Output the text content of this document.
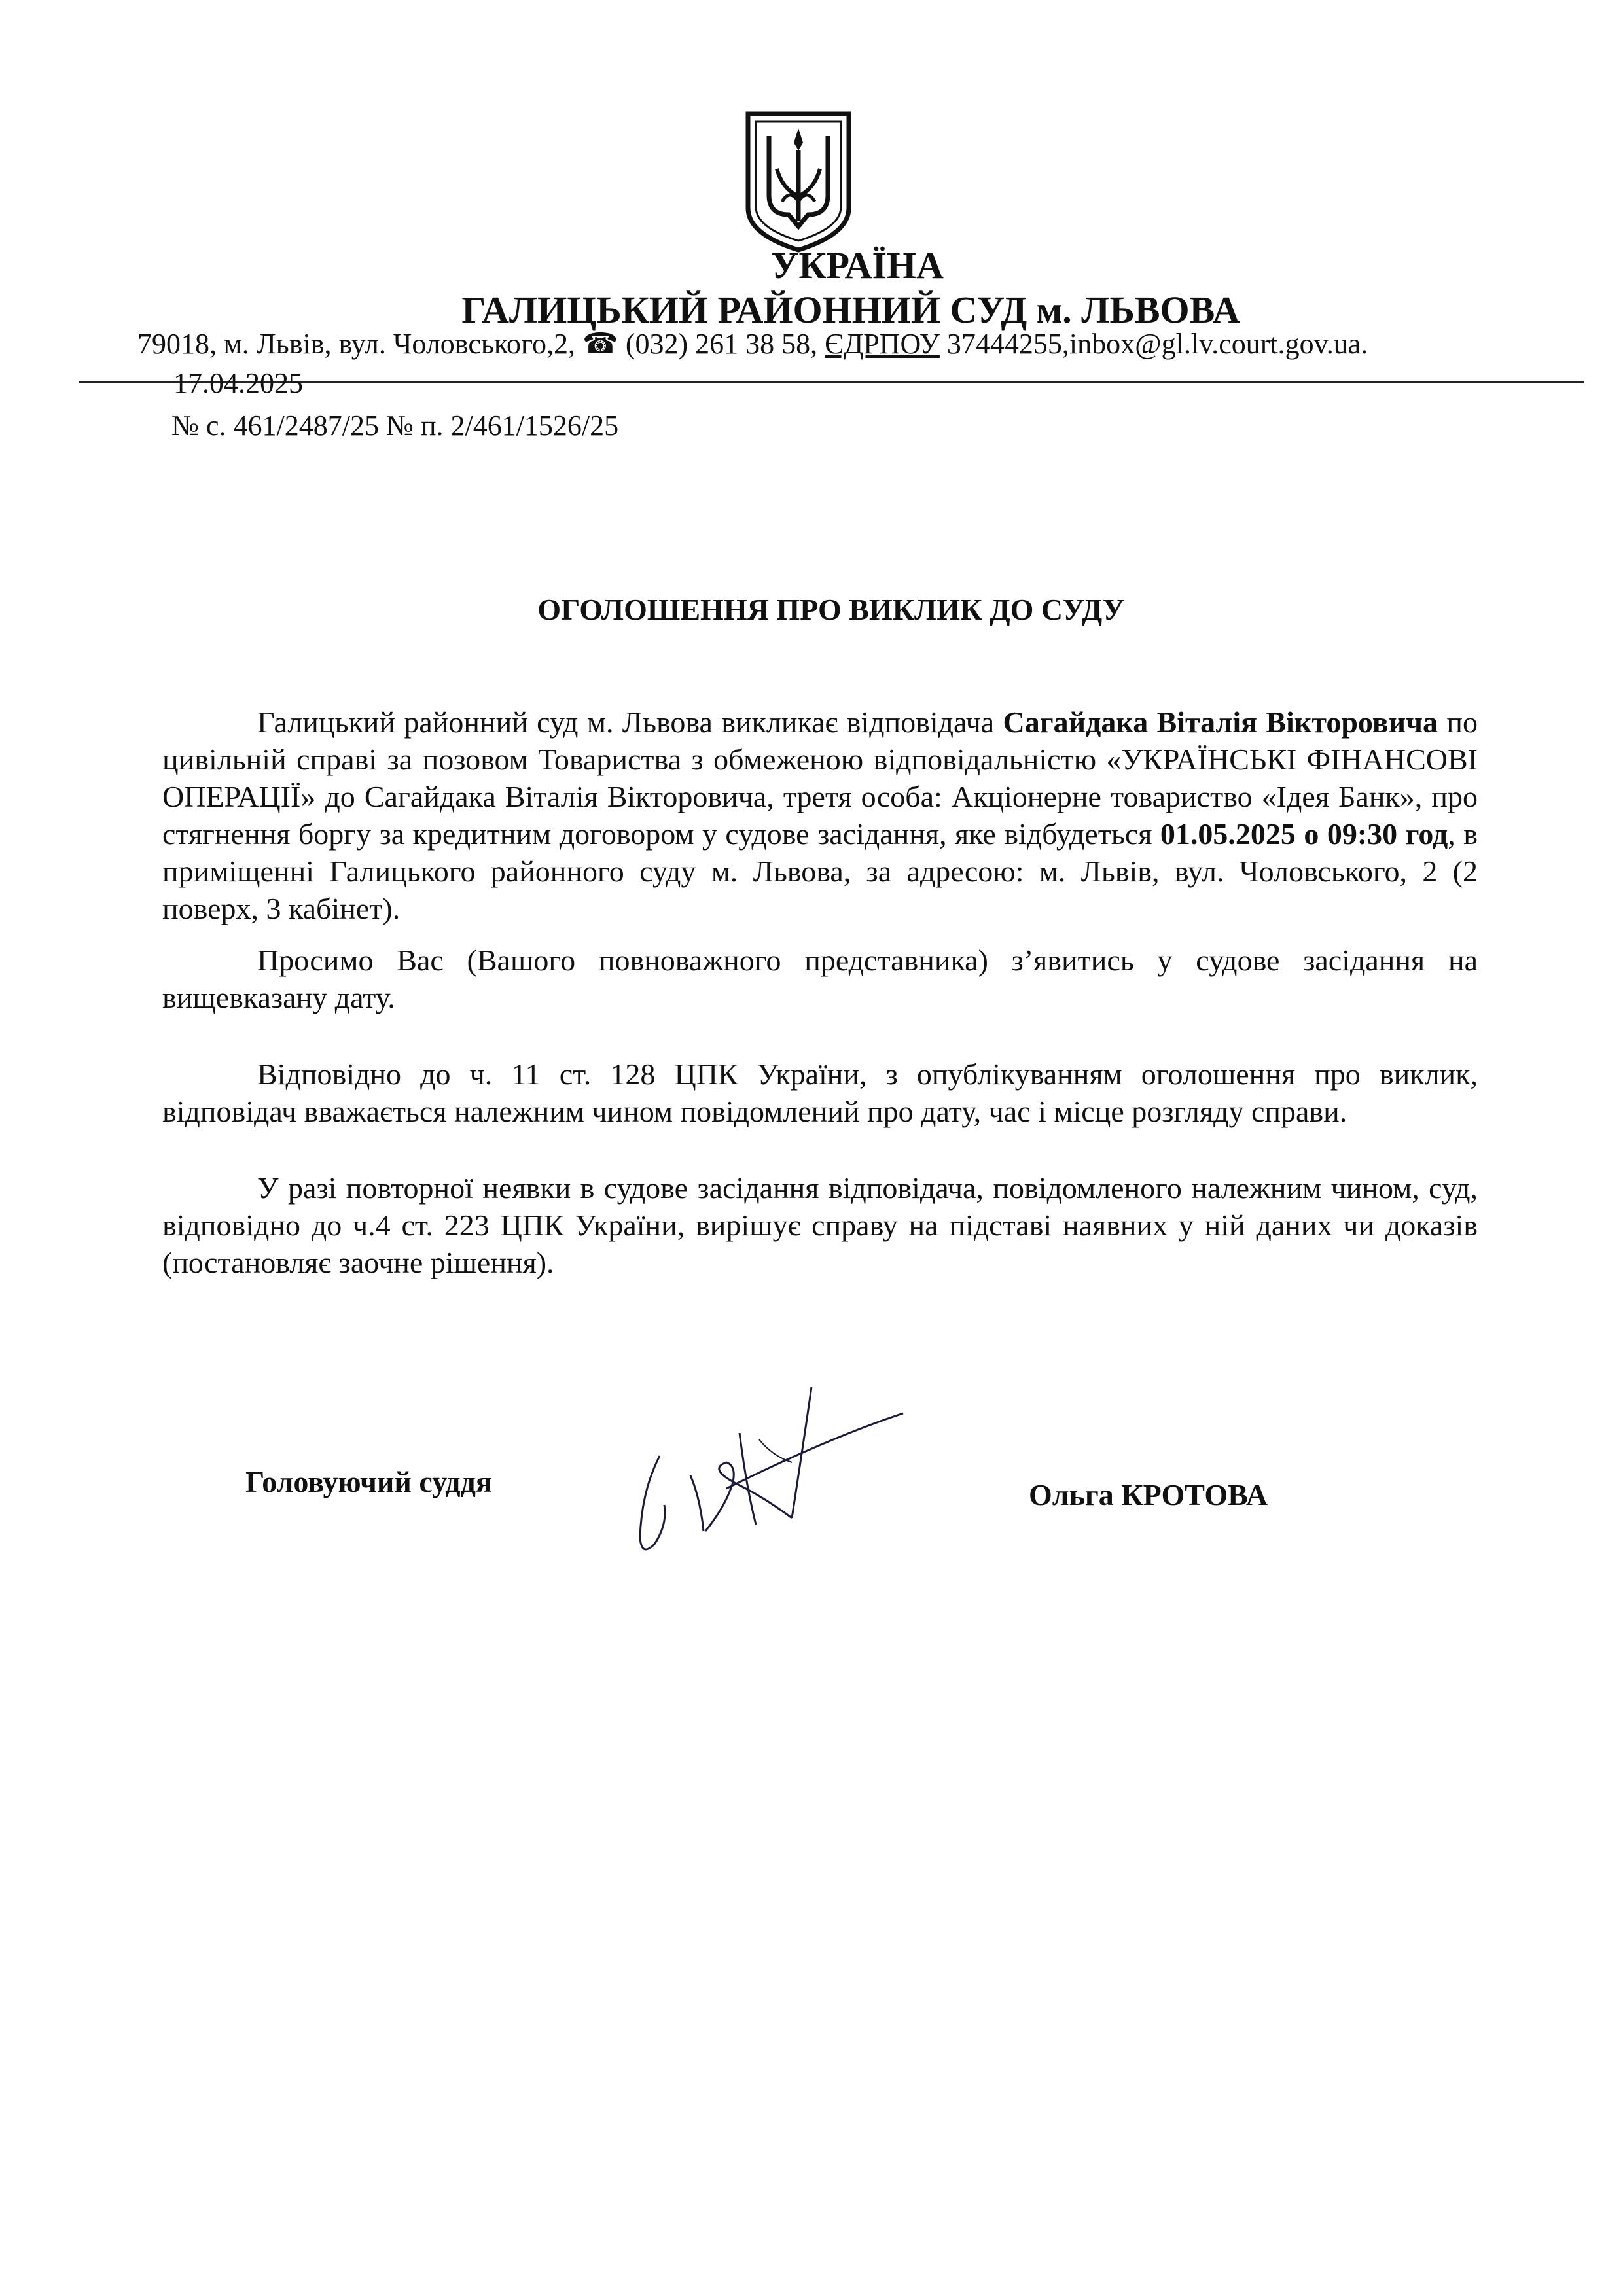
УКРАЇНА
ГАЛИЦЬКИЙ РАЙОННИЙ СУД м. ЛЬВОВА
79018, м. Львів, вул. Чоловського,2, ☎ (032) 261 38 58, ЄДРПОУ 37444255,inbox@gl.lv.court.gov.ua.
17.04.2025
№ с. 461/2487/25 № п. 2/461/1526/25
ОГОЛОШЕННЯ ПРО ВИКЛИК ДО СУДУ

Галицький районний суд м. Львова викликає відповідача Сагайдака Віталія Вікторовича по цивільній справі за позовом Товариства з обмеженою відповідальністю «УКРАЇНСЬКІ ФІНАНСОВІ ОПЕРАЦІЇ» до Сагайдака Віталія Вікторовича, третя особа: Акціонерне товариство «Ідея Банк», про стягнення боргу за кредитним договором у судове засідання, яке відбудеться 01.05.2025 о 09:30 год, в приміщенні Галицького районного суду м. Львова, за адресою: м. Львів, вул. Чоловського, 2 (2 поверх, 3 кабінет).

Просимо Вас (Вашого повноважного представника) з’явитись у судове засідання на вищевказану дату.

Відповідно до ч. 11 ст. 128 ЦПК України, з опублікуванням оголошення про виклик, відповідач вважається належним чином повідомлений про дату, час і місце розгляду справи.

У разі повторної неявки в судове засідання відповідача, повідомленого належним чином, суд, відповідно до ч.4 ст. 223 ЦПК України, вирішує справу на підставі наявних у ній даних чи доказів (постановляє заочне рішення).

Головуючий суддя	Ольга КРОТОВА
